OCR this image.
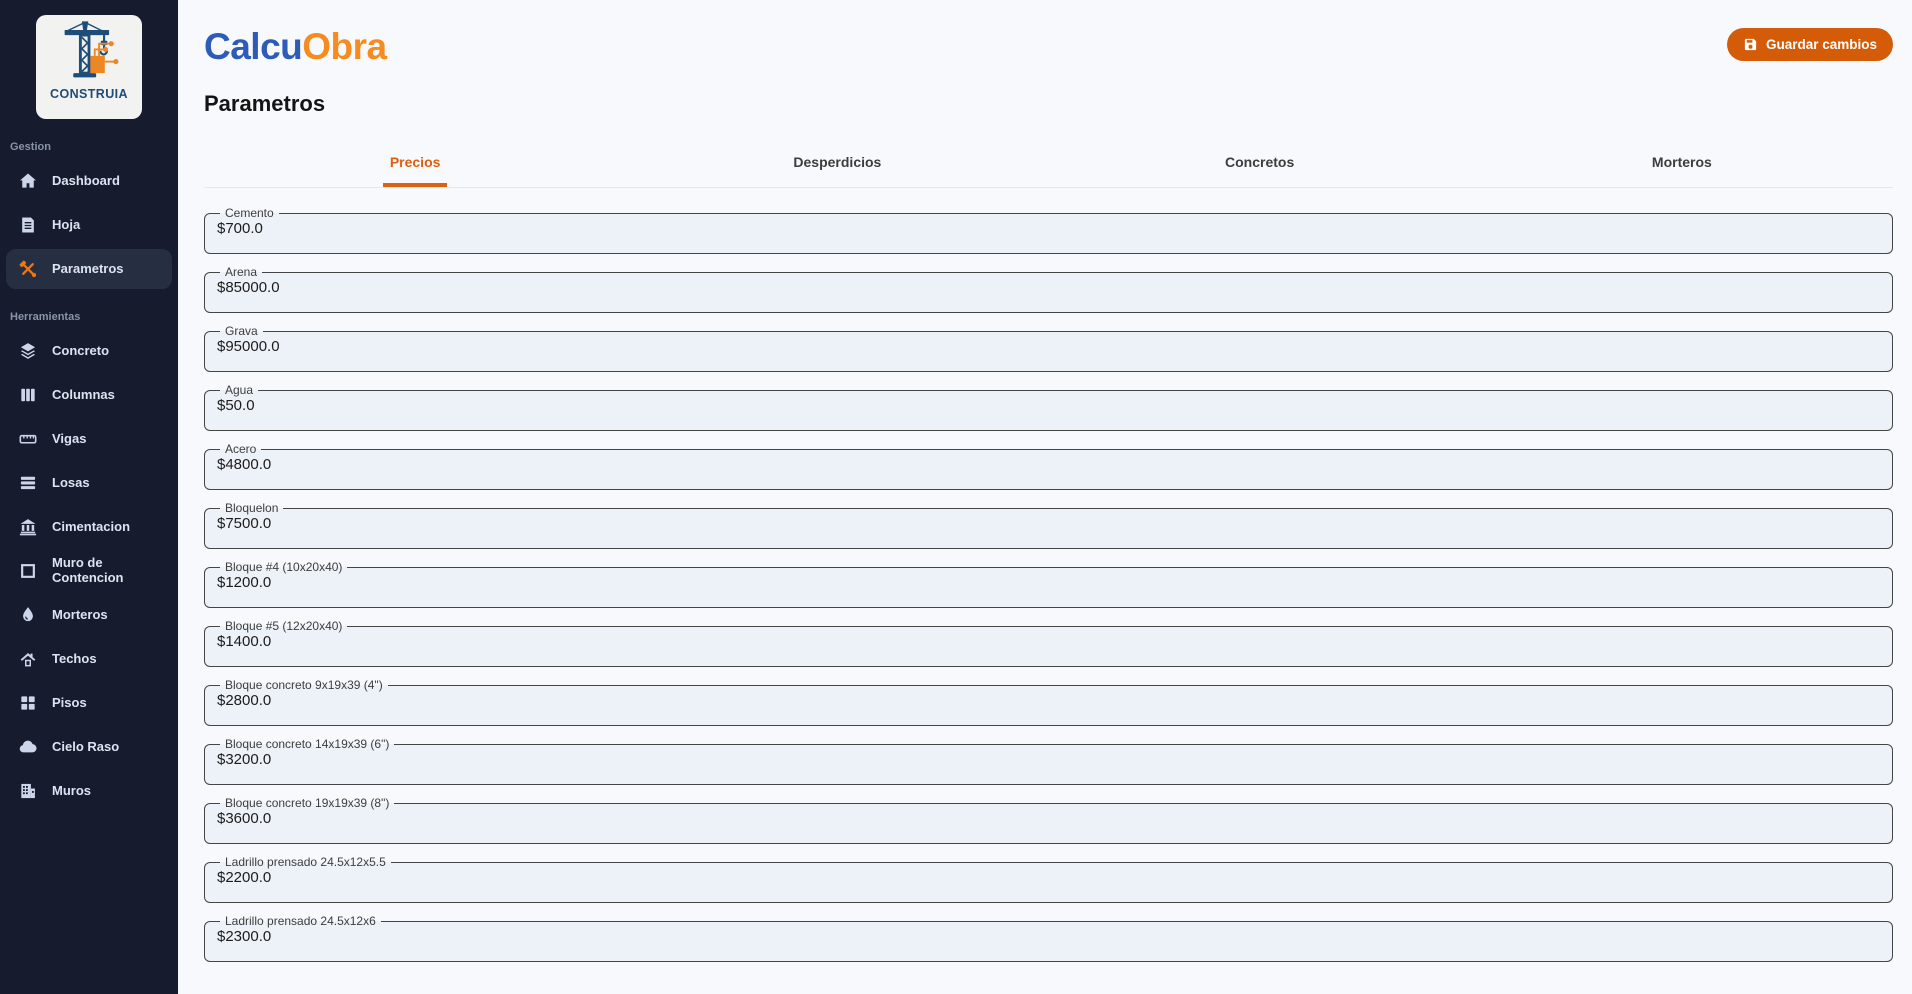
CONSTRUIA
Gestion
Dashboard
Hoja
Parametros
Herramientas
Concreto
Columnas
Vigas
Losas
Cimentacion
Muro de Contencion
Morteros
Techos
Pisos
Cielo Raso
Muros
CalcuObra	Guardar cambios
Parametros
Precios	Desperdicios	Concretos	Morteros
Cemento
$700.0
Arena
$85000.0
Grava
$95000.0
Agua
$50.0
Acero
$4800.0
Bloquelon
$7500.0
Bloque #4 (10x20x40)
$1200.0
Bloque #5 (12x20x40)
$1400.0
Bloque concreto 9x19x39 (4")
$2800.0
Bloque concreto 14x19x39 (6")
$3200.0
Bloque concreto 19x19x39 (8")
$3600.0
Ladrillo prensado 24.5x12x5.5
$2200.0
Ladrillo prensado 24.5x12x6
$2300.0
